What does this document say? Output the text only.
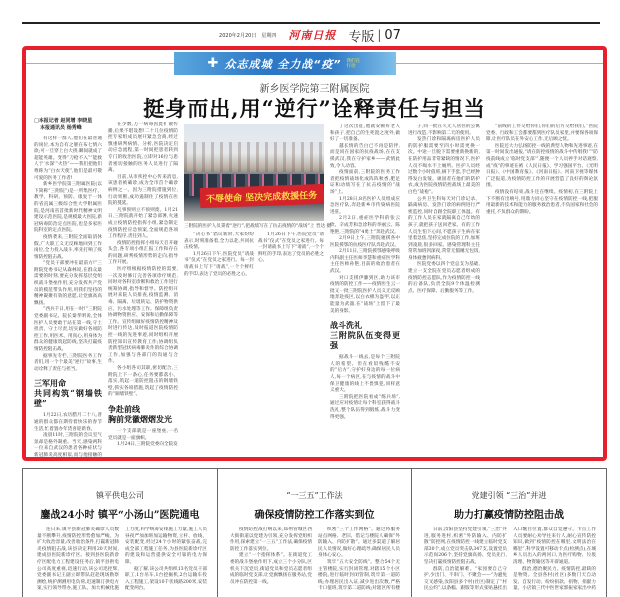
2020年2月20日 星期四 河南日报 专版 | 07
✚ 众志成城 全力战“疫” 我们在行动
新乡医学院第三附属医院
挺身而出,用“逆行”诠释责任与担当
□本报记者 赵同增 李晓星
本报通讯员 杨秀峰

有这样一群人,他们在最普通的岗位,本为自有之躯在布七情六欲;可一旦穿上白大褂,瞬间就成了超能英雄。变得“刀枪不入”“能救人于‘水深’”火热”——我们把他们尊称为“白衣天使”,他们是最可敬可爱的医务工作者!

新乡医学院第三附属医院(以下简称“三附院”)是一所集医疗、教学、科研、预防、康复于一体的省直属三级综合性大学附属医院,是河南省首批新时代精神文明建设示范医院,是规模最大医院,新冠病毒防治定点医院,也是多家医院科室的定点医院。

疫情袭来,三附院全面取消休假,广大职工义无反顾地回到工作岗位,全力投入战斗,率先打响了疫情防控阻击战。

“党员干部要冲在最前方!”三附院党委书记从森林说,在群众最需要的时刻,要充分发挥基层党组织战斗堡垒作用,充分发挥共产党员的模范带头作用,用我们坚持的精神凝聚有效的意愿,让党旗高高飘扬。

“西兵千日,用在一时!”三附院党委副书记、院长秦孝明说,全体医护人员要敢于站在第一线,守土担责、守土尽责,切实做好各项防控工作,用医术、用真心,用身体为群众的健康筑起防线,坚决打赢疫情防控阻击战。

据事先专栏,三附院医务工作者们,用一个个最美“逆行”故事,生动诠释了责任与担当。

三军用命
共同构筑“钢墙铁壁”

1月22日,农历腊月二十八,普通的群众都在期待着快乐的春节生活,忙着置办年货喜迎新春。

凌晨11时,三附院的会议室气氛却是格外凝重。当天,感染两科一位来自武汉的患者各种症状与新冠肺炎高度相似,而与他接触的

在少数,万一病毒因此扩散传播,后果不堪设想!二十几位疫情防控专家组成员展开紧急会商,经过慎重研判病情、分析,医院决定启动应急流程,第一时间把患者转到专门的收治医院,立即对16位与患者密切接触的医务人员进行了隔离。

目前,从市疾控中心传来消息,该患者被确诊,成为全市首个确诊病例之一。因为三附院措施到位,行动果断,成功遏制住了疫情在医院的蔓延。

凡事预则立不预则废。1月21日,三附院就开始了紧急部署,火速成立疫情防控指挥小组,紧急制定疫情防控应急预案,全面规范各项工作程序,责任到人。

疫情防控指挥小组每天召开碰头会,各专项小组汇报工作和存在的问题,研判疫情形势的走向,指导工作开展。

医疗组根据疫情防控的需要,一次及时修订完善各项诊疗规范,同时对各科室诊断和救治工作进行统筹协调,指导和督导。防控组开展对来院人员排查,疫情监测、消毒、隔离、垃圾转运、防护物资供应、污水处理等工作。保障组负责协调物资供应、安保和后勤保障等工作。宣传组做好疫情防控精神及时进行传达,及时报道医院疫情防控一线的先进事迹,同时组织开展防控知识宣传教育工作;协调组负责新型冠状病毒肺炎作的综合协调工作,加强与各部门的沟通与合作。

各小组各司其职,密切配合,三附院上下一条心,任务要都落小、落实,筑起一道防控阻击的钢墙铁壁,抓实各项措施,筑起了疫情防控的“铜墙铁壁”。

争赴前线
胸前党徽熠熠发光

一个支部就是一座堡垒,一名党员就是一面旗帜。

1月24日,三附院党委向全院发

不辱使命 坚决完成救援任务
三附院的医护人员秉着“逆行”,把战绩写在了抗击疫情的“战场”上 晋达 摄

“决心书”倡议新阶,大家纷纷表示,时刻准备着,全力以赴,共同抗击疫情。

1月26日下午,医院党员“请战书”仪式“在党员之家进行。每一封请战书上写下“请战”,一个个鲜红的手印,表达了党员的必胜之心。

了这次出征,他就安顿好老人和孩子,把自己的生死置之度外,做好了一切准备。

越长情的告白已不再是陪伴,而是同在国家的抗疫战场,在在支援武汉,我在守护家乡——武情此致,令人动容。

疫情面前,三附院的医务工作者把疫情战场化成阵阵秋香,肥足证和动绩写在了抗击疫情的“战场”上。

1月28日,8名医护人员组成应急医疗队,奔赴新乡市传染病医院进驻。

2月2日,重症医学科的张云欣、辛成芳和急诊科的李丽云、陈艳艳,三附院的“4勇士”奔赴武汉。

2月9日上午,三附院驰援各中医院援鄂的抗疫医疗队奔赴武汉。

2月11日,三附院援鄂感染呼吸内科副主任医师李慧和重症医学科主任医师孙艳,目前的收治患者在武汉。

对口支援伊藤到区,助力该市疫情的防控工作——疫情医生云一批又一批三附院医护人员义无反顾地奔赴疫区,以白衣棉为盔甲,以正能量为武器,在“战场”上留下了最美的身影。

战斗洗礼
三附院队伍变得更强

据战斗一线去,是每个三附院人的希望。但在看似残酷不安的“后方”,守护好身边的每一位病人,每一个病区,在与疫情的战斗中保卫健康的线上不畏惧犯,同样意义重大。

三附院把医院看成“练兵场”,通过应对疫情让每个科室获得战斗洗礼,整个队伍得到锻炼,战斗力变得更强。

1月26日下午,医院党员“请战书”仪式“在党员之家进行。每一封请战书上写下“请战”,一个个鲜红的手印,表达了党员的必胜之心。

子,同一批在久无人居住的公寓进行改造,不影响第二天的使用。

发热门诊和隔离病房医护人员的防护服需要至四小时需更换一次。中途一旦脱下需要重新换新的,在防护用品非常紧缺的情况下,医护人员不喝水不上厕所。医护人员经过数个小时值班,摘下手套,手已经肿得发白发皱。顽固者在他们的防护衣,成为医院疫情防控战场上最美的白色“战袍”。

公共卫生科每天对门诊记录、隔离病房、发热门诊的病例进行严密监控,同时自跟全院职工体温。有的工作人员在家就隔离自己年幼的孩子,就把孩子送回老家。有的工作人员生怕下心间,不愿孩子生病在家里着急焦,坚持完成住院的工作,加班到凌晨,很多回家。感染管理科主任常常加班到深夜,常常无假睡无包饭,身体疲惫到病科。

医院党委以四个党总支为基础,建立一支全院在党员志愿者组成的疫情防控志愿队,作为疫情防控一线的后备队,负责全院9个体温检测点、医疗保障、后勤服务等工作。

“前线的工作交给你们,你们的后方交给我们。”医院党委、行政和工会都要都到医疗队员家里,并要保各项保障,让医疗队员在外安心工作,无后顾之忧。

医院还大力弘扬防控一线的典型人物和先进事迹,在第一时间发出通报,“请在防控疫情的战斗中传唱我!”“防疫前线成立‘临时党支部’”,随便一个人员停手对话观察,成“疫”的事迹在被《人民日报》、学习强国平台、《光明日报》、《中国教育报》、《河南日报》、河南卫视等媒体广泛报道,为疫情防控工作的开展营造了良好的舆论氛围。

疫情没有结束,战斗还在继续。疫情初,在三附院上下不断有出响号,用鼎力同心坚守在疫情防控一线,把服用最新的技术和能力的服务救治患者,不负国家和社会的重托,不负群众的期盼。

镇平供电公司
鏖战24小时 镇平“小汤山”医院通电

连日来,镇平县新冠肺炎确诊人员数量不断攀升,疫情防控形势愈加严峻。为扩大收治容量,改善收治条件,打赢新冠肺炎疫情阻击战,该县决定利用20天时间,建成县医院新诊疗区。接到县医院新诊疗区配电力工程建设任务后,镇平县供电公司高度重视,迅速行动,该公司迅控辉,党委副书记王副立即带队赶赴现场勘察测绘,统护测测用电负荷,迅速制订供电方案,实行领导带办,施工队、加大机械化施工力度,科学统筹安排施工力量,施工人员昼夜严加加班加运输物资,立杆、放线、安装配变,经过24个小时的紧张奋战,完成全部工程施工任务,为县医院新诊疗区的建设和运营提供安全可靠的电力保障。

据了解,该公司共组织13名党员干部职工,1台吊车,1台挖掘机,2台运输车投入工程施工,架设10千伏线路200米,安装配变两台。

“一三五”工作法
确保疫情防控工作落实到位

疫情防控战打响以来,郑州管城区西大街街道以党建为引领,充分发挥党组织作用,探索建立“一三五”工作法,确保疫情防控工作落实到位。

建立“一个指挥体系”。在街道党工委的战斗堡垒作用下,成立三个小分队,区机关下沉党员,街道党员和党员志愿者组成的临时党支部,让党旗飘扬在服务站,党员冲在防控第一线。

织密“三个工作网格”。通过将服务站点网格、老旧、借记与楼院人确保“外防输入、内防扩散”。通过多渠道了解居民人员情况,做好心理疏导,确保居民人员身体心安心。

筑牢“五大安全防线”。整合54个无主管楼院,实行封闭管理,对辖15个小区楼院,进行临时封闭管制,筑牢第一道防线;办理居民出入证,减少进出次数,严格卡口值班,筑牢第二道防线;对辖区所有楼

党建引领 “三治”并进
助力打赢疫情防控阻击战

日前,汝阳县坚持党建引领,“三治”并进,服务进村,织密“外防输入、内防扩散”防控网,在疫情防控一线建立临时党支部30个,成立党员突击队347支,设置党员示范岗206个,坚持党旗高扬、党员先行,坚决打赢疫情防控阻击战。

群防,自治能解难。“家园要自己守护,少出门、不串门、不聚会——”为避免交叉感染,汝阳县多个村(社区)制定了“村民公约”,以条幅、跟版等形式张贴悬挂出入口醒目位置,群众自觉遵守。卡点工作人员要耐心劝导往来行人,耐心宣传防控知识,做到“疫情防控在哪里,文明法治在哪里”,科学设置可移动卡点(检测点),在城乡人员出入的两河口,为医疗购物、垃圾清理、物资输送等开辟通道。

群治,德治聚民力。疫情防控,最缺的是物资。全县各村(社区)多数门天自动发、自发行动、纷纷捐款、捐物、捐献力量。小店镇三代中医世家郭振家家出中药
